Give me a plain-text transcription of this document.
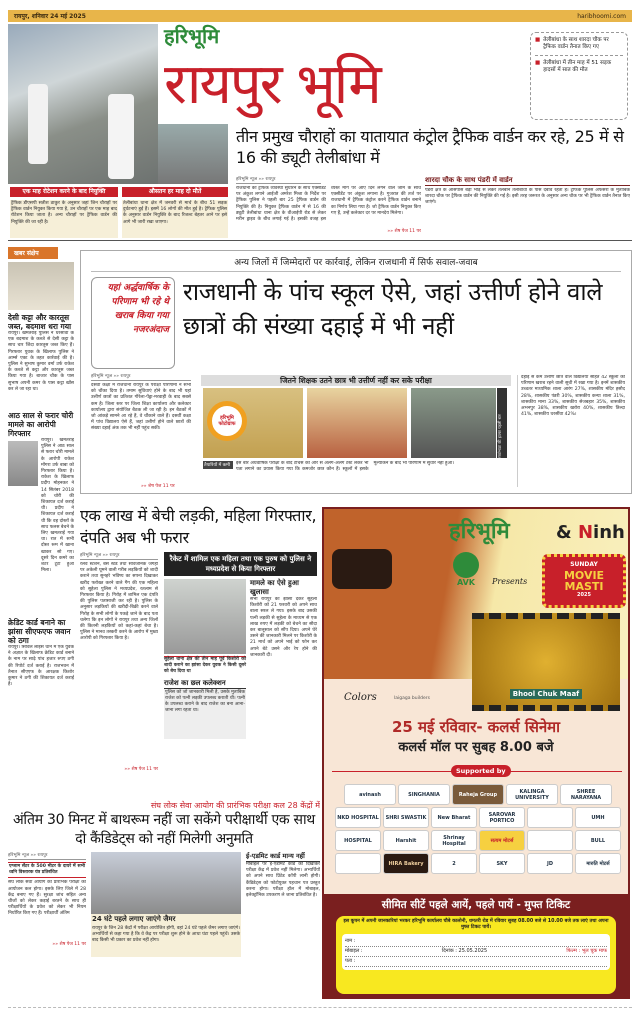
रायपुर, शनिवार 24 मई 2025	haribhoomi.com
एक माह रोटेशन करने के बाद नियुक्ति	औसतन हर माह दो मौतें
ट्रैफिक डीएसपी सतीश ठाकुर के अनुसार जहां जिन चौराहों पर ट्रैफिक वार्डन नियुक्त किया गया है, उन चौराहों पर एक माह बाद रोटेशन किया जाता है। अन्य चौराहों पर ट्रैफिक वार्डन की नियुक्ति की जा रही है।
तेलीबांधा थाना क्षेत्र में जनवरी से मार्च के बीच 51 सड़क दुर्घटनाएं हुई हैं। इसमें 16 लोगों की मौत हुई है। ट्रैफिक पुलिस के अनुसार वार्डन नियुक्ति के बाद रिजल्ट बेहतर आने पर इसे आगे भी जारी रखा जाएगा।
हरिभूमि
रायपुर भूमि
■ तेलीबांधा के साथ शारदा चौक पर ट्रैफिक वार्डन तैनात किए गए
■ तेलीबांधा में तीन माह में 51 सड़क हादसों में सात की मौत
तीन प्रमुख चौराहों का यातायात कंट्रोल ट्रैफिक वार्डन कर रहे, 25 में से 16 की ड्यूटी तेलीबांधा में
हरिभूमि न्यूज »» रायपुर
राजधानी की ट्रैफिक व्यवस्था सुधारने के साथ एक्सीडेंट पर अंकुश लगाने आईजी अमरेश मिश्रा के निर्देश पर ट्रैफिक पुलिस ने पहली बार 25 ट्रैफिक वार्डन की नियुक्ति की है। नियुक्त ट्रैफिक वार्डन में से 16 की ड्यूटी तेलीबांधा थाना क्षेत्र के वीआईपी रोड से लेकर मरीन ड्राइव के बीच लगाई गई है। इसकी वजह इस व्यस्त मार्ग पर आए दिन लगने वाले जाम के साथ एक्सीडेंट पर अंकुश लगाना है। गुजरात की तर्ज पर राजधानी में ट्रैफिक कंट्रोल करने ट्रैफिक वार्डन बनाने का निर्णय लिया गया है। जो ट्रैफिक वार्डन नियुक्त किए गए हैं, उन्हें कलेक्टर दर पर मानदेय मिलेगा।
»» शेष पेज 11 पर
शारदा चौक के साथ पंडरी में वार्डन
पंडरी क्षेत्र के आसपास बड़ी भीड़ से लेकर तैलबान तेलीबांधा के पास दबाव रहता है। ट्रैफिक पुलिस अफसरों के मुताबिक शारदा चौक पर ट्रैफिक वार्डन की नियुक्ति की गई है। इसी तरह जरूरत के अनुसार अन्य चौक पर भी ट्रैफिक वार्डन तैनात किए जाएंगे।
खबर संक्षेप
देसी कट्टा और कारतूस जब्त, बदमाश धरा गया
रायपुर। खमतराई पुलिस ने धरसींवा के एक बदमाश के कब्जे से देसी कट्टा के साथ चार जिंदा कारतूस जब्त किए हैं। गिरफ्तार युवक के खिलाफ पुलिस ने आर्म्स एक्ट के तहत कार्रवाई की है। पुलिस ने सुभाष कुमार वर्मा उर्फ राकेश के कब्जे से कट्टा और कारतूस जब्त किया गया है। बाजार चौक के पास सुभाष अपनी कमर के पास कट्टा खोंस कर ले जा रहा था।
आठ साल से फरार चोरी मामले का आरोपी गिरफ्तार
रायपुर। खमतराई पुलिस ने आठ साल से फरार चोरी मामले के आरोपी राकेश मोंगरा उर्फ बाबा को गिरफ्तार किया है। राकेश के खिलाफ प्रदीप मोहनकर ने 14 सितंबर 2018 को चोरी की शिकायत दर्ज कराई थी। प्रदीप ने शिकायत दर्ज कराई थी कि वह दोस्तों के साथ फलस बेचने के लिए खमतराई गया था। रात में सभी दोस्त रूम में खाना खाकर सो गए। दूसरे दिन कमरे का शटर टूटा हुआ मिला।
क्रेडिट कार्ड बनाने का झांसा सीएफएफ जवान को ठगा
रायपुर। सिविल लाइंस थाने में एक युवक ने अज्ञात के खिलाफ क्रेडिट कार्ड बनाने के नाम पर साढ़े पांच हजार रुपए ठगी की रिपोर्ट दर्ज कराई है। राजभवन में तैनात सीएएफ के आरक्षक किशोर कुमार ने ठगी की शिकायत दर्ज कराई है।
अन्य जिलों में जिम्मेदारों पर कार्रवाई, लेकिन राजधानी में सिर्फ सवाल-जवाब
यहां अर्द्धवार्षिक के परिणाम भी रहे थे खराब किया गया नजरअंदाज
राजधानी के पांच स्कूल ऐसे, जहां उत्तीर्ण होने वाले छात्रों की संख्या दहाई में भी नहीं
हरिभूमि न्यूज »» रायपुर
दसवीं कक्षा में राजधानी रायपुर के परीक्षा परिणामों ने सभी को चौंका दिया है। तमाम सुविधाएं होने के बाद भी यहां उत्तीर्ण छात्रों का प्रतिशत गौरेला-पेंड्रा-मरवाही के बाद सबसे कम है। जिला स्तर पर जिला शिक्षा कार्यालय और कलेक्टर कार्यालय द्वारा संयोजित बैठक ली जा रही है। इन बैठकों में जो आंकड़े सामने आ रहे हैं, वे चौंकाने वाले हैं। दसवीं कक्षा में पांच विद्यालय ऐसे हैं, जहां उत्तीर्ण होने वाले छात्रों की संख्या दहाई अंक तक भी नहीं पहुंच सकी।
»» शेष पेज 11 पर
जितने शिक्षक उतने छात्र भी उत्तीर्ण नहीं कर सके परीक्षा
हरिभूमि फोटोग्राफ	रावांभाठा की हालत पहली बार
तैयारियों में कमी	इस बार अर्धवार्षिक परीक्षा के बाद टीचर्स की ओर से अलग-अलग टेस्ट लेकर भी पता लगाने का प्रयास किया गया कि कमजोर छात्र कौन हैं। स्कूलों में इसके मूल्यांकन के बाद भी परिणाम में सुधार नहीं हुआ।
दहाई से कम उत्तीर्ण छात्र वाले विद्यालयों सहित 42 स्कूलों को परिणाम खराब रहने वाली सूची में रखा गया है। इनमें शासकीय उच्चतर माध्यमिक शाला आरंग 27%, शासकीय मंदिर हसौद 28%, शासकीय पंडरी 30%, शासकीय कन्या शाला 31%, शासकीय माना 33%, शासकीय सेजबहार 35%, शासकीय अभनपुर 38%, शासकीय खरोरा 40%, शासकीय तिल्दा 41%, शासकीय धरसींवा 42%।
एक लाख में बेची लड़की, महिला गिरफ्तार, दंपति अब भी फरार
हरिभूमि न्यूज »» रायपुर
रेलवे स्टेशन, बस स्टैंड तथा सार्वजनिक जगहों पर अकेली घूमने वाली गरीब लड़कियों को शादी कराने तथा सुनहरे भविष्य का सपना दिखाकर खरीद फरोख्त करने वाले गैंग की एक महिला को सुहेला पुलिस ने मध्यप्रदेश, रतलाम से गिरफ्तार किया है। गिरोह में शामिल एक दंपति की पुलिस पतासाजी कर रही है। पुलिस के अनुसार लड़कियों की खरीदी-बिक्री करने वाले गिरोह के सभी लोगों के पकड़े जाने के बाद पता चलेगा कि इन लोगों ने रायपुर तथा अन्य जिलों की कितनी लड़कियों को कहां-कहां बेचा है। पुलिस ने मानव तस्करी करने के आरोप में मुख्य आरोपी को गिरफ्तार किया है।
»» शेष पेज 11 पर
रैकेट में शामिल एक महिला तथा एक पुरुष को पुलिस ने मध्यप्रदेश से किया गिरफ्तार
सुहेला थाना क्षेत्र की तीन माह पूर्व किशोरी को शादी कराने का झांसा देकर युवक ने किसी दूसरे को बेच दिया था
राजेश का छल कलेक्शन
पुलिस को जो जानकारी मिली है, उसके मुताबिक राजेश को पत्नी लड़की उपलब्ध कराती थी। पत्नी के उपलब्ध कराने के बाद राजेश का बना आना-जाना लगा रहता था।
मामले का ऐसे हुआ खुलासा
सभी रायपुर का झांसा देकर सुहेला किशोरी को 21 फरवरी को अपने साथ बाला सरल ले गया। इसके बाद उसकी पत्नी लड़की से सुहेला के माध्यम से एक लाख रुपए में लड़की को बेचने का सौदा कर बालूसाल को सौंप दिया। अपने घेरे उसने की जानकारी मिलने पर किशोरी के 21 मार्च को अपने भाई को फोन कर अपने बेटे उसने और रेप होने की जानकारी दी।
संघ लोक सेवा आयोग की प्रारंभिक परीक्षा कल 28 केंद्रों में
अंतिम 30 मिनट में बाथरूम नहीं जा सकेंगे परीक्षार्थी एक साथ दो कैंडिडेट्स को नहीं मिलेगी अनुमति
हरिभूमि न्यूज »» रायपुर
एग्जाम सेंटर के 500 मीटर के दायरे में सभी ध्वनि विस्तारक यंत्र प्रतिबंधित
संघ लोक सेवा आयोग की प्रारंभिक परीक्षा का आयोजन कल होगा। इसके लिए जिले में 28 केंद्र बनाए गए हैं। सुरक्षा जांच सहित अन्य चीजों को लेकर कड़ाई बरतने के साथ ही परीक्षार्थियों के प्रवेश को लेकर भी नियम निर्धारित किए गए हैं। परीक्षार्थी अंतिम
»» शेष पेज 11 पर
24 घंटे पहले लगाए जाएंगे जैमर
रायपुर के जिन 28 केंद्रों में परीक्षा आयोजित होगी, वहां 24 घंटे पहले जैमर लगाए जाएंगे। अभ्यर्थियों से कहा गया है कि वे केंद्र पर परीक्षा शुरू होने के आधा घंटा पहले पहुंचें। उसके बाद किसी भी प्रकार का प्रवेश नहीं होगा।
ई-एडमिट कार्ड मान्य नहीं
मोबाइल पर ई-एडमिट कार्ड को दिखाकर परीक्षा केंद्र में प्रवेश नहीं मिलेगा। अभ्यर्थियों को अपने साथ प्रिंटेड कॉपी लानी होगी। कैंडिडेट्स को फोटोयुक्त पहचान पत्र प्रस्तुत करना होगा। परीक्षा हॉल में मोबाइल, इलेक्ट्रॉनिक उपकरण ले जाना प्रतिबंधित है।
हरिभूमि	& Ninh
AVK	Presents
SUNDAY
MOVIE
MASTI
2025
Bhool Chuk Maaf
Colors	laigaga builders
25 मई रविवार- कलर्स सिनेमा
कलर्स मॉल पर सुबह 8.00 बजे
Supported by
avinash	SINGHANIA	Raheja Group	KALINGA UNIVERSITY
SHREE NARAYANA
NKD HOSPITAL	SHRI SWASTIK	New Bharat	SAROVAR PORTICO	UMH
HOSPITAL	Harshit	Shrinay Hospital	सत्यम मोटर्स	BULL
HIRA Bakery	2	SKY	JD	मारुति मोटर्स
सीमित सीटें पहले आयें, पहले पायें - मुफ्त टिकिट
इस कूपन में अपनी जानकारियां भरकर हरिभूमि कार्यालय चौबे कालोनी, धमतरी रोड में रविवार सुबह 08.00 बजे से 10.00 बजे तक लाएं तथा अपना मुफ्त टिकट पायें।
नाम :
मोबाइल :	दिनांक : 25.05.2025	फिल्म : भूल चूक माफ
पता :
